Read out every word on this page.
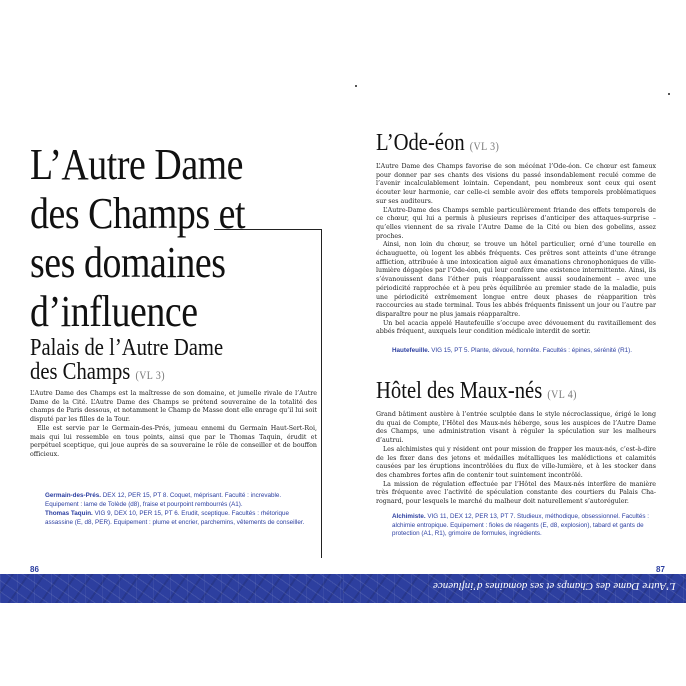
L’Autre Dame
des Champs et
ses domaines
d’influence
Palais de l’Autre Dame
des Champs (VL 3)

L’Autre Dame des Champs est la maîtresse de son domaine, et jumelle rivale de l’Autre Dame de la Cité. L’Autre Dame des Champs se prétend souveraine de la totalité des champs de Paris dessous, et notamment le Champ de Masse dont elle enrage qu’il lui soit disputé par les filles de la Tour.

Elle est servie par le Germain-des-Prés, jumeau ennemi du Germain Haut-Sert-Roi, mais qui lui ressemble en tous points, ainsi que par le Thomas Taquin, érudit et perpétuel sceptique, qui joue auprès de sa souveraine le rôle de conseiller et de bouffon officieux.

Germain-des-Prés. DEX 12, PER 15, PT 8. Coquet, méprisant. Faculté : increvable. Equipement : lame de Tolède (d8), fraise et pourpoint rembourrés (A1).

Thomas Taquin. VIG 9, DEX 10, PER 15, PT 6. Erudit, sceptique. Facultés : rhétorique assassine (E, d8, PER). Equipement : plume et encrier, parchemins, vêtements de conseiller.

86
L’Ode-éon (VL 3)

L’Autre Dame des Champs favorise de son mécénat l’Ode-éon. Ce chœur est fameux pour donner par ses chants des visions du passé insondablement reculé comme de l’avenir incalculablement lointain. Cependant, peu nombreux sont ceux qui osent écouter leur harmonie, car celle-ci semble avoir des effets temporels problématiques sur ses auditeurs.

L’Autre-Dame des Champs semble particulièrement friande des effets temporels de ce chœur, qui lui a permis à plusieurs reprises d’anticiper des attaques-surprise – qu’elles viennent de sa rivale l’Autre Dame de la Cité ou bien des gobelins, assez proches.

Ainsi, non loin du chœur, se trouve un hôtel particulier, orné d’une tourelle en échauguette, où logent les abbés fréquents. Ces prêtres sont atteints d’une étrange affliction, attribuée à une intoxication aiguë aux émanations chronophoniques de ville-lumière dégagées par l’Ode-éon, qui leur confère une existence intermittente. Ainsi, ils s’évanouissent dans l’éther puis réapparaissent aussi soudainement – avec une périodicité rapprochée et à peu près équilibrée au premier stade de la maladie, puis une périodicité extrêmement longue entre deux phases de réapparition très raccourcies au stade terminal. Tous les abbés fréquents finissent un jour ou l’autre par disparaître pour ne plus jamais réapparaître.

Un bel acacia appelé Hautefeuille s’occupe avec dévouement du ravitaillement des abbés fréquent, auxquels leur condition médicale interdit de sortir.

Hautefeuille. VIG 15, PT 5. Plante, dévoué, honnête. Facultés : épines, sérénité (R1).

Hôtel des Maux-nés (VL 4)

Grand bâtiment austère à l’entrée sculptée dans le style nécroclassique, érigé le long du quai de Compte, l’Hôtel des Maux-nés héberge, sous les auspices de l’Autre Dame des Champs, une administration visant à réguler la spéculation sur les malheurs d’autrui.

Les alchimistes qui y résident ont pour mission de frapper les maux-nés, c’est-à-dire de les fixer dans des jetons et médailles métalliques les malédictions et calamités causées par les éruptions incontrôlées du flux de ville-lumière, et à les stocker dans des chambres fortes afin de contenir tout suintement incontrôlé.

La mission de régulation effectuée par l’Hôtel des Maux-nés interfère de manière très fréquente avec l’activité de spéculation constante des courtiers du Palais Cha-rognard, pour lesquels le marché du malheur doit naturellement s’autoréguler.

Alchimiste. VIG 11, DEX 12, PER 13, PT 7. Studieux, méthodique, obsessionnel. Facultés : alchimie entropique. Equipement : fioles de réagents (E, d8, explosion), tabard et gants de protection (A1, R1), grimoire de formules, ingrédients.

87
L’Autre Dame des Champs et ses domaines d’influence
